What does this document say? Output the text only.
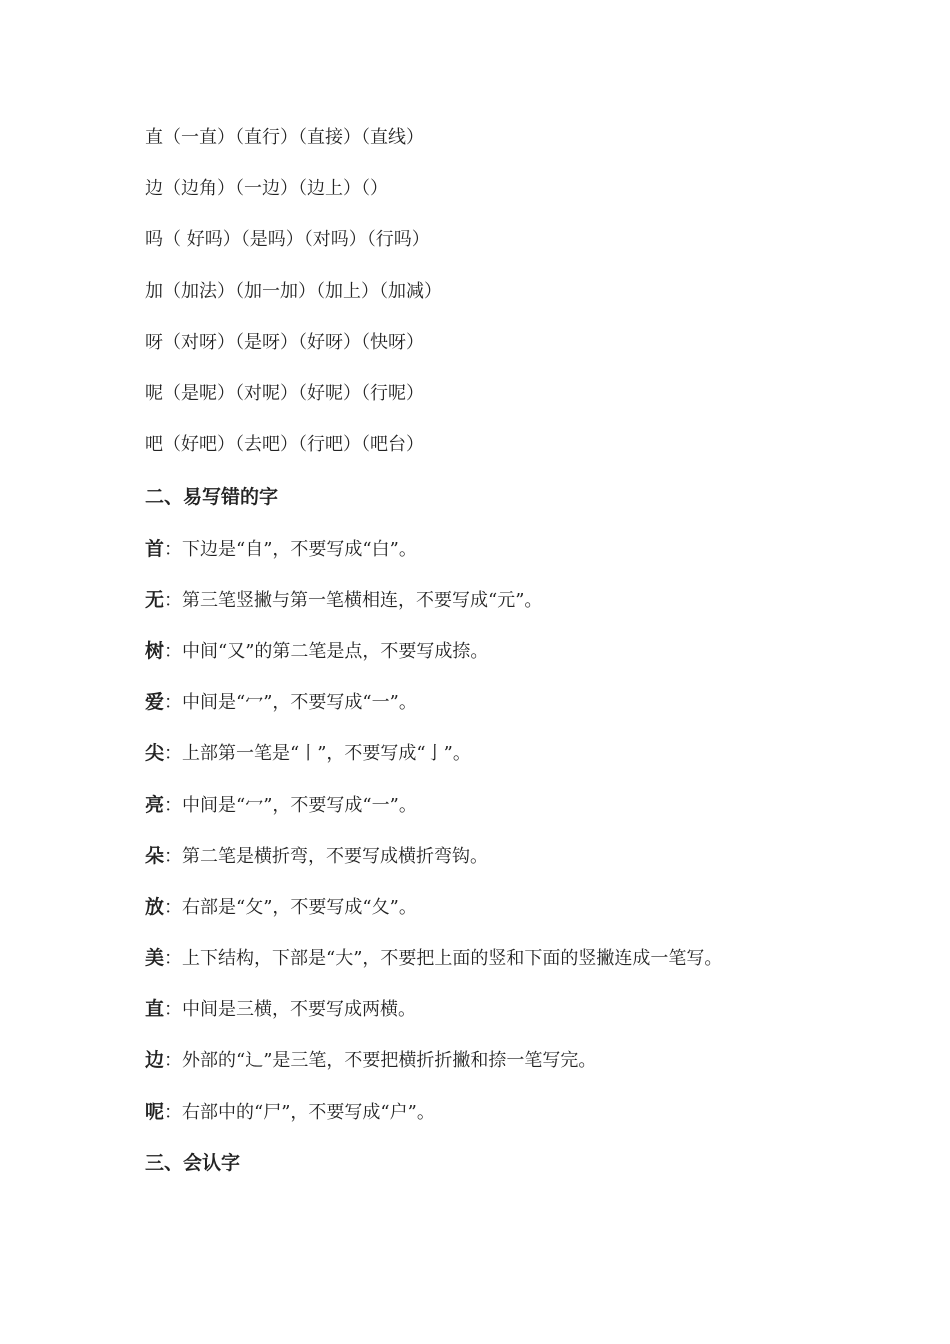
直（一直）（直行）（直接）（直线）
边（边角）（一边）（边上）（）
吗（ 好吗）（是吗）（对吗）（行吗）
加（加法）（加一加）（加上）（加减）
呀（对呀）（是呀）（好呀）（快呀）
呢（是呢）（对呢）（好呢）（行呢）
吧（好吧）（去吧）（行吧）（吧台）
二、易写错的字
首：下边是“自”，不要写成“白”。
无：第三笔竖撇与第一笔横相连，不要写成“元”。
树：中间“又”的第二笔是点，不要写成捺。
爱：中间是“冖”，不要写成“一”。
尖：上部第一笔是“丨”，不要写成“亅”。
亮：中间是“冖”，不要写成“一”。
朵：第二笔是横折弯，不要写成横折弯钩。
放：右部是“攵”，不要写成“夂”。
美：上下结构，下部是“大”，不要把上面的竖和下面的竖撇连成一笔写。
直：中间是三横，不要写成两横。
边：外部的“辶”是三笔，不要把横折折撇和捺一笔写完。
呢：右部中的“尸”，不要写成“户”。
三、会认字
